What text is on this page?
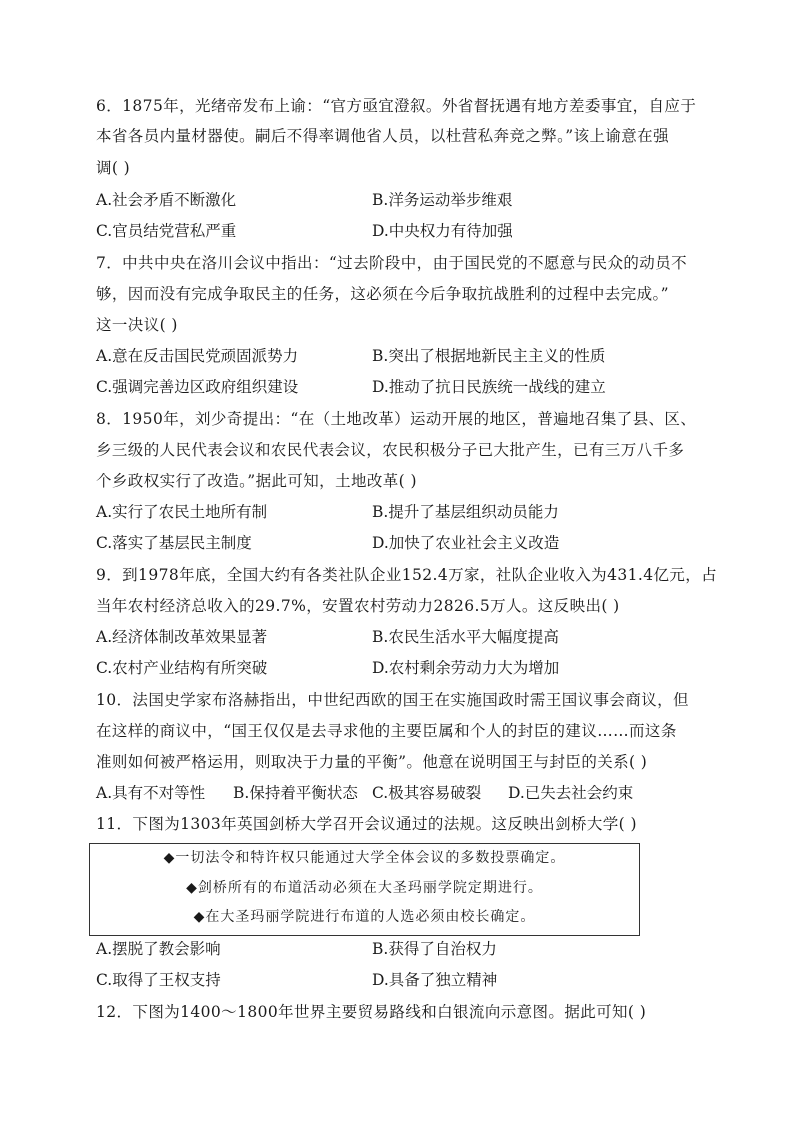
6．1875年，光绪帝发布上谕：“官方亟宜澄叙。外省督抚遇有地方差委事宜，自应于
本省各员内量材器使。嗣后不得率调他省人员，以杜营私奔竞之弊。”该上谕意在强
调( )
A.社会矛盾不断激化	B.洋务运动举步维艰
C.官员结党营私严重	D.中央权力有待加强
7．中共中央在洛川会议中指出：“过去阶段中，由于国民党的不愿意与民众的动员不
够，因而没有完成争取民主的任务，这必须在今后争取抗战胜利的过程中去完成。”
这一决议( )
A.意在反击国民党顽固派势力	B.突出了根据地新民主主义的性质
C.强调完善边区政府组织建设	D.推动了抗日民族统一战线的建立
8．1950年，刘少奇提出：“在（土地改革）运动开展的地区，普遍地召集了县、区、
乡三级的人民代表会议和农民代表会议，农民积极分子已大批产生，已有三万八千多
个乡政权实行了改造。”据此可知，土地改革( )
A.实行了农民土地所有制	B.提升了基层组织动员能力
C.落实了基层民主制度	D.加快了农业社会主义改造
9．到1978年底，全国大约有各类社队企业152.4万家，社队企业收入为431.4亿元，占
当年农村经济总收入的29.7%，安置农村劳动力2826.5万人。这反映出( )
A.经济体制改革效果显著	B.农民生活水平大幅度提高
C.农村产业结构有所突破	D.农村剩余劳动力大为增加
10．法国史学家布洛赫指出，中世纪西欧的国王在实施国政时需王国议事会商议，但
在这样的商议中，“国王仅仅是去寻求他的主要臣属和个人的封臣的建议……而这条
准则如何被严格运用，则取决于力量的平衡”。他意在说明国王与封臣的关系( )
A.具有不对等性 B.保持着平衡状态 C.极其容易破裂 D.已失去社会约束
11．下图为1303年英国剑桥大学召开会议通过的法规。这反映出剑桥大学( )
◆一切法令和特许权只能通过大学全体会议的多数投票确定。
◆剑桥所有的布道活动必须在大圣玛丽学院定期进行。
◆在大圣玛丽学院进行布道的人选必须由校长确定。
A.摆脱了教会影响	B.获得了自治权力
C.取得了王权支持	D.具备了独立精神
12．下图为1400～1800年世界主要贸易路线和白银流向示意图。据此可知( )
